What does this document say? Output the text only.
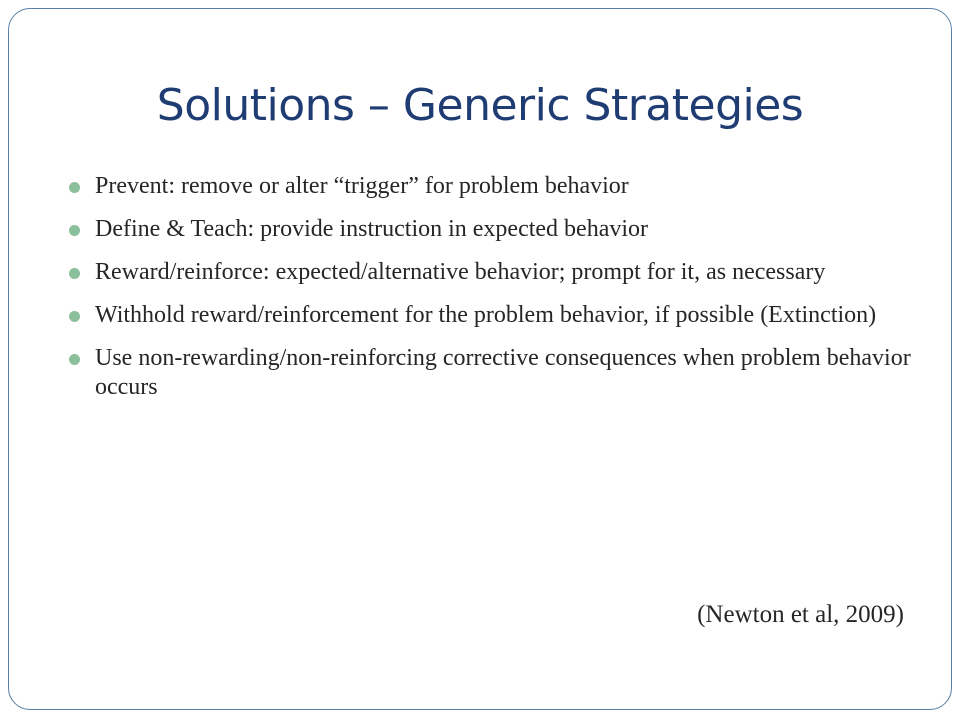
Solutions – Generic Strategies
Prevent: remove or alter “trigger” for problem behavior
Define & Teach: provide instruction in expected behavior
Reward/reinforce: expected/alternative behavior; prompt for it, as necessary
Withhold reward/reinforcement for the problem behavior, if possible (Extinction)
Use non-rewarding/non-reinforcing corrective consequences when problem behavior occurs
(Newton et al, 2009)
